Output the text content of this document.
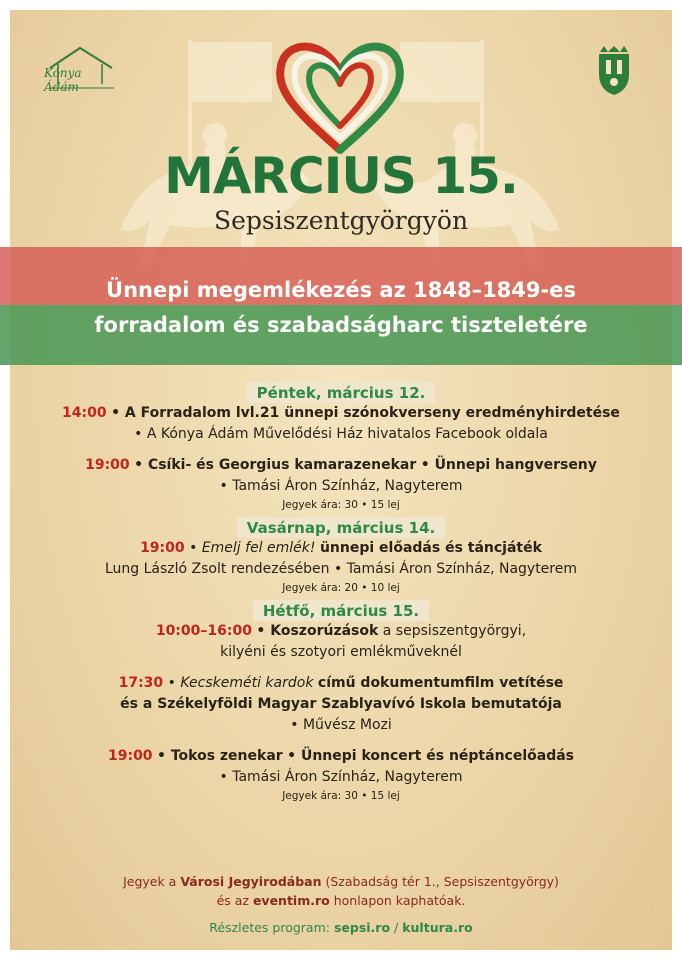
Kónya Ádám
MÁRCIUS 15.
Sepsiszentgyörgyön
Ünnepi megemlékezés az 1848–1849-es
forradalom és szabadságharc tiszteletére
Péntek, március 12.
14:00 • A Forradalom lvl.21 ünnepi szónokverseny eredményhirdetése
• A Kónya Ádám Művelődési Ház hivatalos Facebook oldala
19:00 • Csíki- és Georgius kamarazenekar • Ünnepi hangverseny
• Tamási Áron Színház, Nagyterem
Jegyek ára: 30 • 15 lej
Vasárnap, március 14.
19:00 • Emelj fel emlék! ünnepi előadás és táncjáték
Lung László Zsolt rendezésében • Tamási Áron Színház, Nagyterem
Jegyek ára: 20 • 10 lej
Hétfő, március 15.
10:00–16:00 • Koszorúzások a sepsiszentgyörgyi,
kilyéni és szotyori emlékműveknél
17:30 • Kecskeméti kardok című dokumentumfilm vetítése
és a Székelyföldi Magyar Szablyavívó Iskola bemutatója
• Művész Mozi
19:00 • Tokos zenekar • Ünnepi koncert és néptáncelőadás
• Tamási Áron Színház, Nagyterem
Jegyek ára: 30 • 15 lej
Jegyek a Városi Jegyirodában (Szabadság tér 1., Sepsiszentgyörgy)
és az eventim.ro honlapon kaphatóak.
Részletes program: sepsi.ro / kultura.ro
